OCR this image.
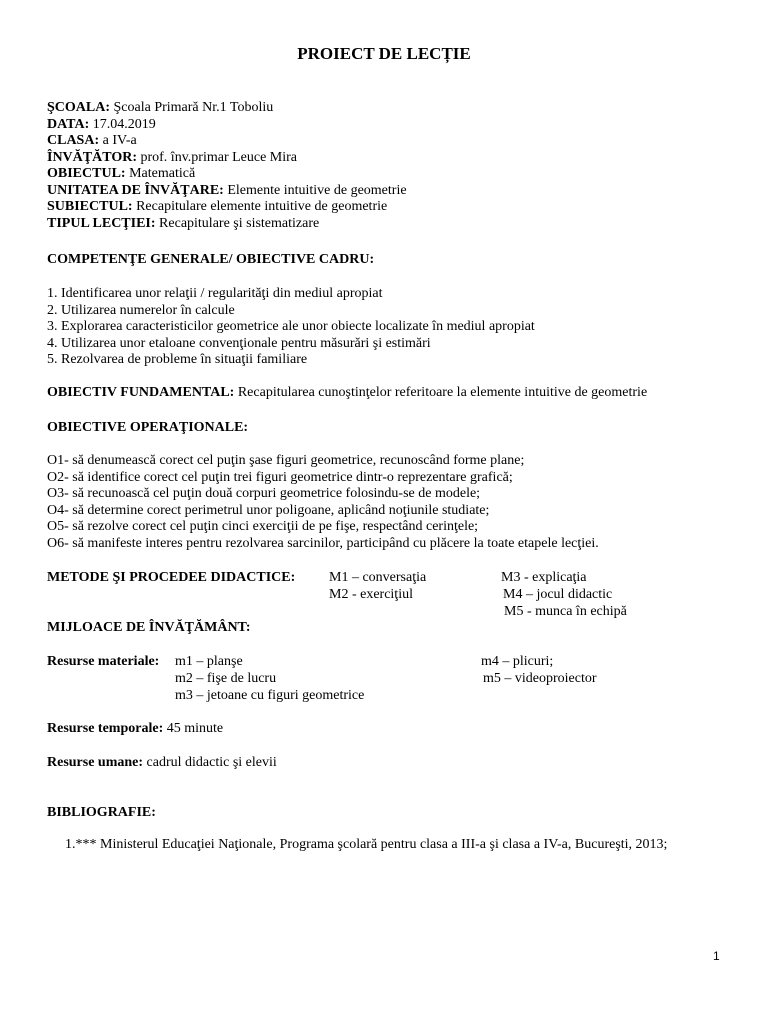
PROIECT DE LECȚIE
ŞCOALA: Şcoala Primară Nr.1 Toboliu
DATA: 17.04.2019
CLASA: a IV-a
ÎNVĂŢĂTOR: prof. înv.primar Leuce Mira
OBIECTUL: Matematică
UNITATEA DE ÎNVĂŢARE: Elemente intuitive de geometrie
SUBIECTUL: Recapitulare elemente intuitive de geometrie
TIPUL LECŢIEI: Recapitulare şi sistematizare
COMPETENŢE GENERALE/ OBIECTIVE CADRU:
1. Identificarea unor relaţii / regularităţi din mediul apropiat
2. Utilizarea numerelor în calcule
3. Explorarea caracteristicilor geometrice ale unor obiecte localizate în mediul apropiat
4. Utilizarea unor etaloane convenţionale pentru măsurări şi estimări
5. Rezolvarea de probleme în situaţii familiare
OBIECTIV FUNDAMENTAL: Recapitularea cunoştinţelor referitoare la elemente intuitive de geometrie
OBIECTIVE OPERAŢIONALE:
O1- să denumească corect cel puţin şase figuri geometrice, recunoscând forme plane;
O2- să identifice corect cel puţin trei figuri geometrice dintr-o reprezentare grafică;
O3- să recunoască cel puţin două corpuri geometrice folosindu-se de modele;
O4- să determine corect perimetrul unor poligoane, aplicând noţiunile studiate;
O5- să rezolve corect cel puţin cinci exerciţii de pe fişe, respectând cerinţele;
O6- să manifeste interes pentru rezolvarea sarcinilor, participând cu plăcere la toate etapele lecţiei.
METODE ŞI PROCEDEE DIDACTICE: M1 – conversaţia
M2 - exerciţiul
M3 - explicaţia
M4 – jocul didactic
M5 - munca în echipă
MIJLOACE DE ÎNVĂŢĂMÂNT:
Resurse materiale: m1 – planşe
m2 – fişe de lucru
m3 – jetoane cu figuri geometrice
m4 – plicuri;
m5 – videoproiector
Resurse temporale: 45 minute
Resurse umane: cadrul didactic şi elevii
BIBLIOGRAFIE:
1.*** Ministerul Educaţiei Naţionale, Programa şcolară pentru clasa a III-a şi clasa a IV-a, Bucureşti, 2013;
1
